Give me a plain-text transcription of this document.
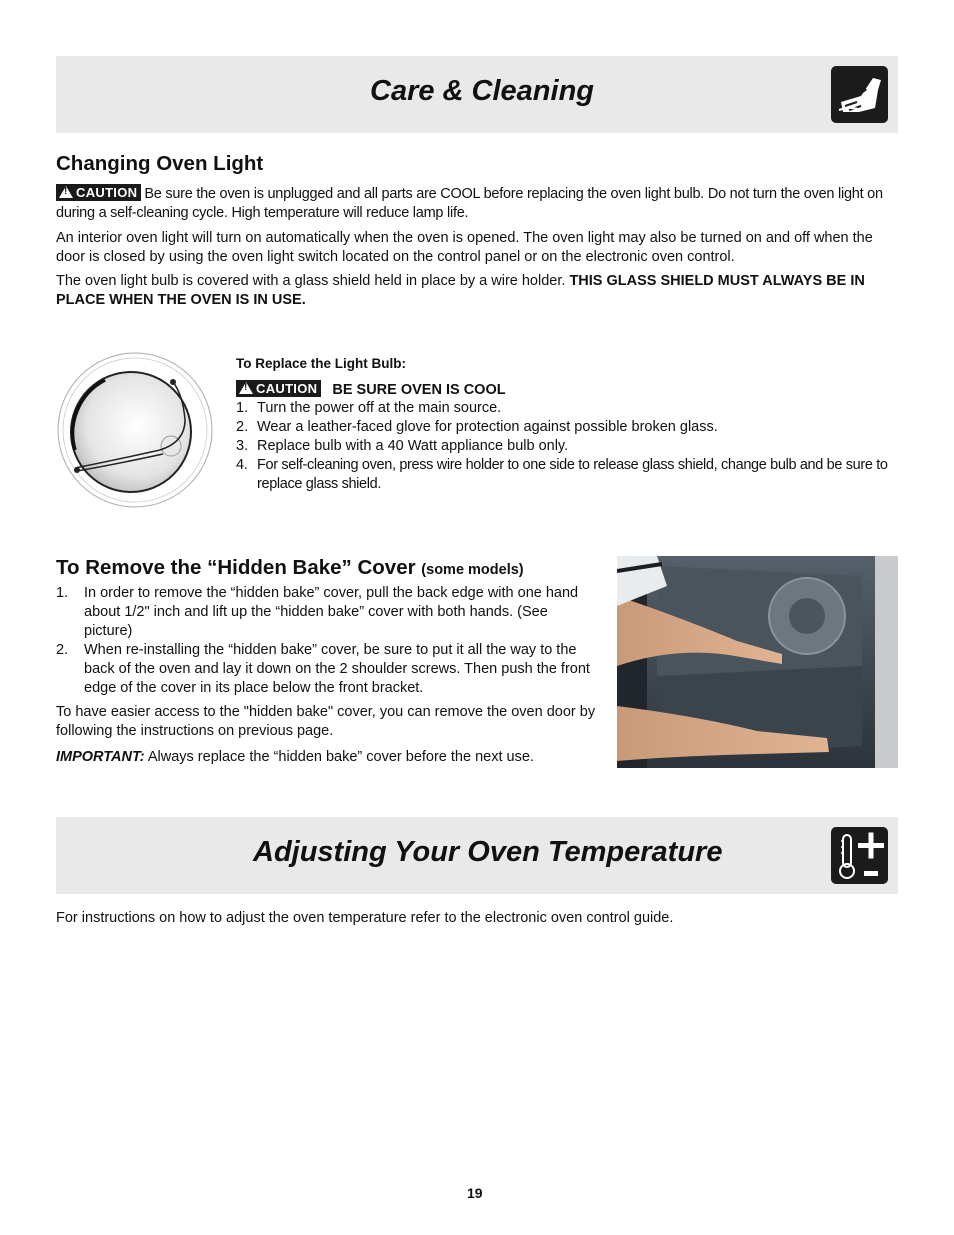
Care & Cleaning
Changing Oven Light

!CAUTION Be sure the oven is unplugged and all parts are COOL before replacing the oven light bulb. Do not turn the oven light on during a self-cleaning cycle. High temperature will reduce lamp life.

An interior oven light will turn on automatically when the oven is opened. The oven light may also be turned on and off when the door is closed by using the oven light switch located on the control panel or on the electronic oven control.

The oven light bulb is covered with a glass shield held in place by a wire holder. THIS GLASS SHIELD MUST ALWAYS BE IN PLACE WHEN THE OVEN IS IN USE.

To Replace the Light Bulb:

!CAUTION BE SURE OVEN IS COOL
1. Turn the power off at the main source.
2. Wear a leather-faced glove for protection against possible broken glass.
3. Replace bulb with a 40 Watt appliance bulb only.
4. For self-cleaning oven, press wire holder to one side to release glass shield, change bulb and be sure to replace glass shield.
To Remove the “Hidden Bake” Cover (some models)
1. In order to remove the “hidden bake” cover, pull the back edge with one hand about 1/2" inch and lift up the “hidden bake” cover with both hands. (See picture)
2. When re-installing the “hidden bake” cover, be sure to put it all the way to the back of the oven and lay it down on the 2 shoulder screws. Then push the front edge of the cover in its place below the front bracket.

To have easier access to the "hidden bake" cover, you can remove the oven door by following the instructions on previous page.

IMPORTANT: Always replace the “hidden bake” cover before the next use.

Adjusting Your Oven Temperature

For instructions on how to adjust the oven temperature refer to the electronic oven control guide.

19
